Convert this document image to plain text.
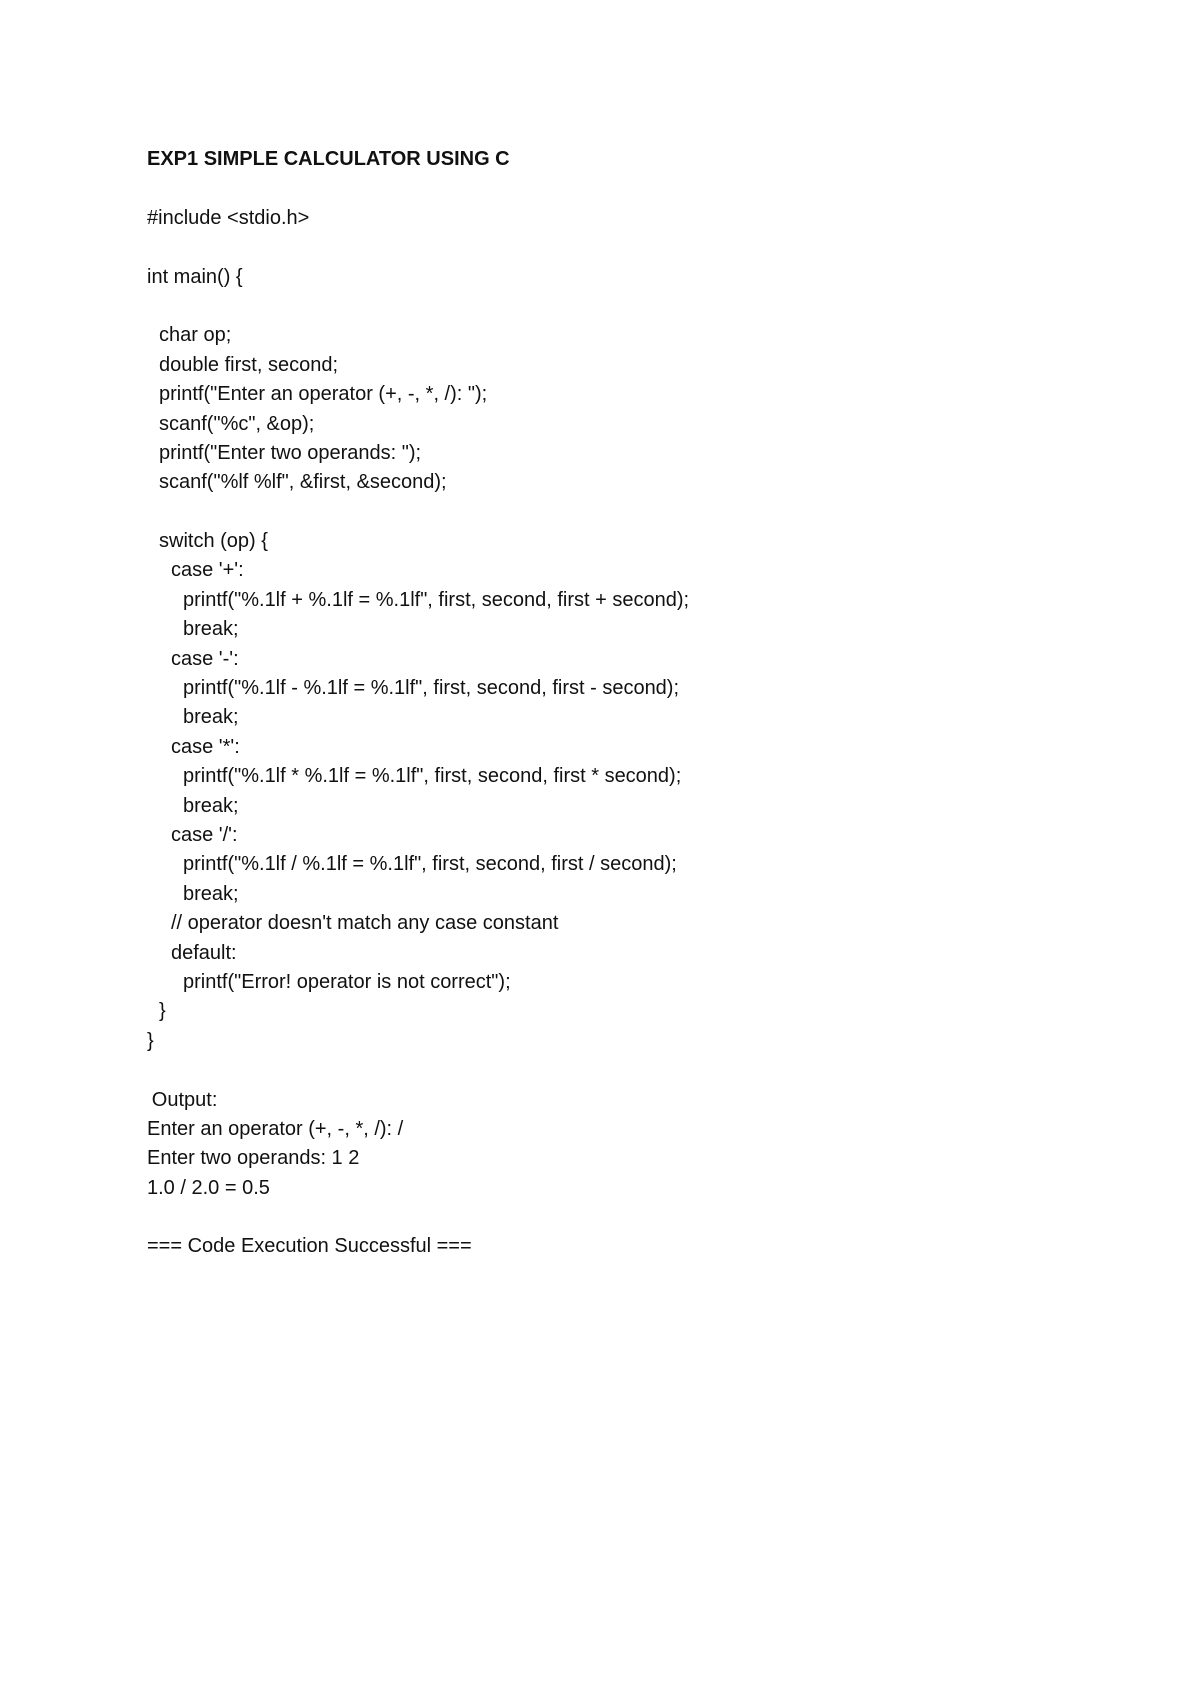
EXP1 SIMPLE CALCULATOR USING C
#include <stdio.h>
int main() {
char op;
double first, second;
printf("Enter an operator (+, -, *, /): ");
scanf("%c", &op);
printf("Enter two operands: ");
scanf("%lf %lf", &first, &second);
switch (op) {
case '+':
printf("%.1lf + %.1lf = %.1lf", first, second, first + second);
break;
case '-':
printf("%.1lf - %.1lf = %.1lf", first, second, first - second);
break;
case '*':
printf("%.1lf * %.1lf = %.1lf", first, second, first * second);
break;
case '/':
printf("%.1lf / %.1lf = %.1lf", first, second, first / second);
break;
// operator doesn't match any case constant
default:
printf("Error! operator is not correct");
}
}
Output:
Enter an operator (+, -, *, /): /
Enter two operands: 1 2
1.0 / 2.0 = 0.5
=== Code Execution Successful ===
